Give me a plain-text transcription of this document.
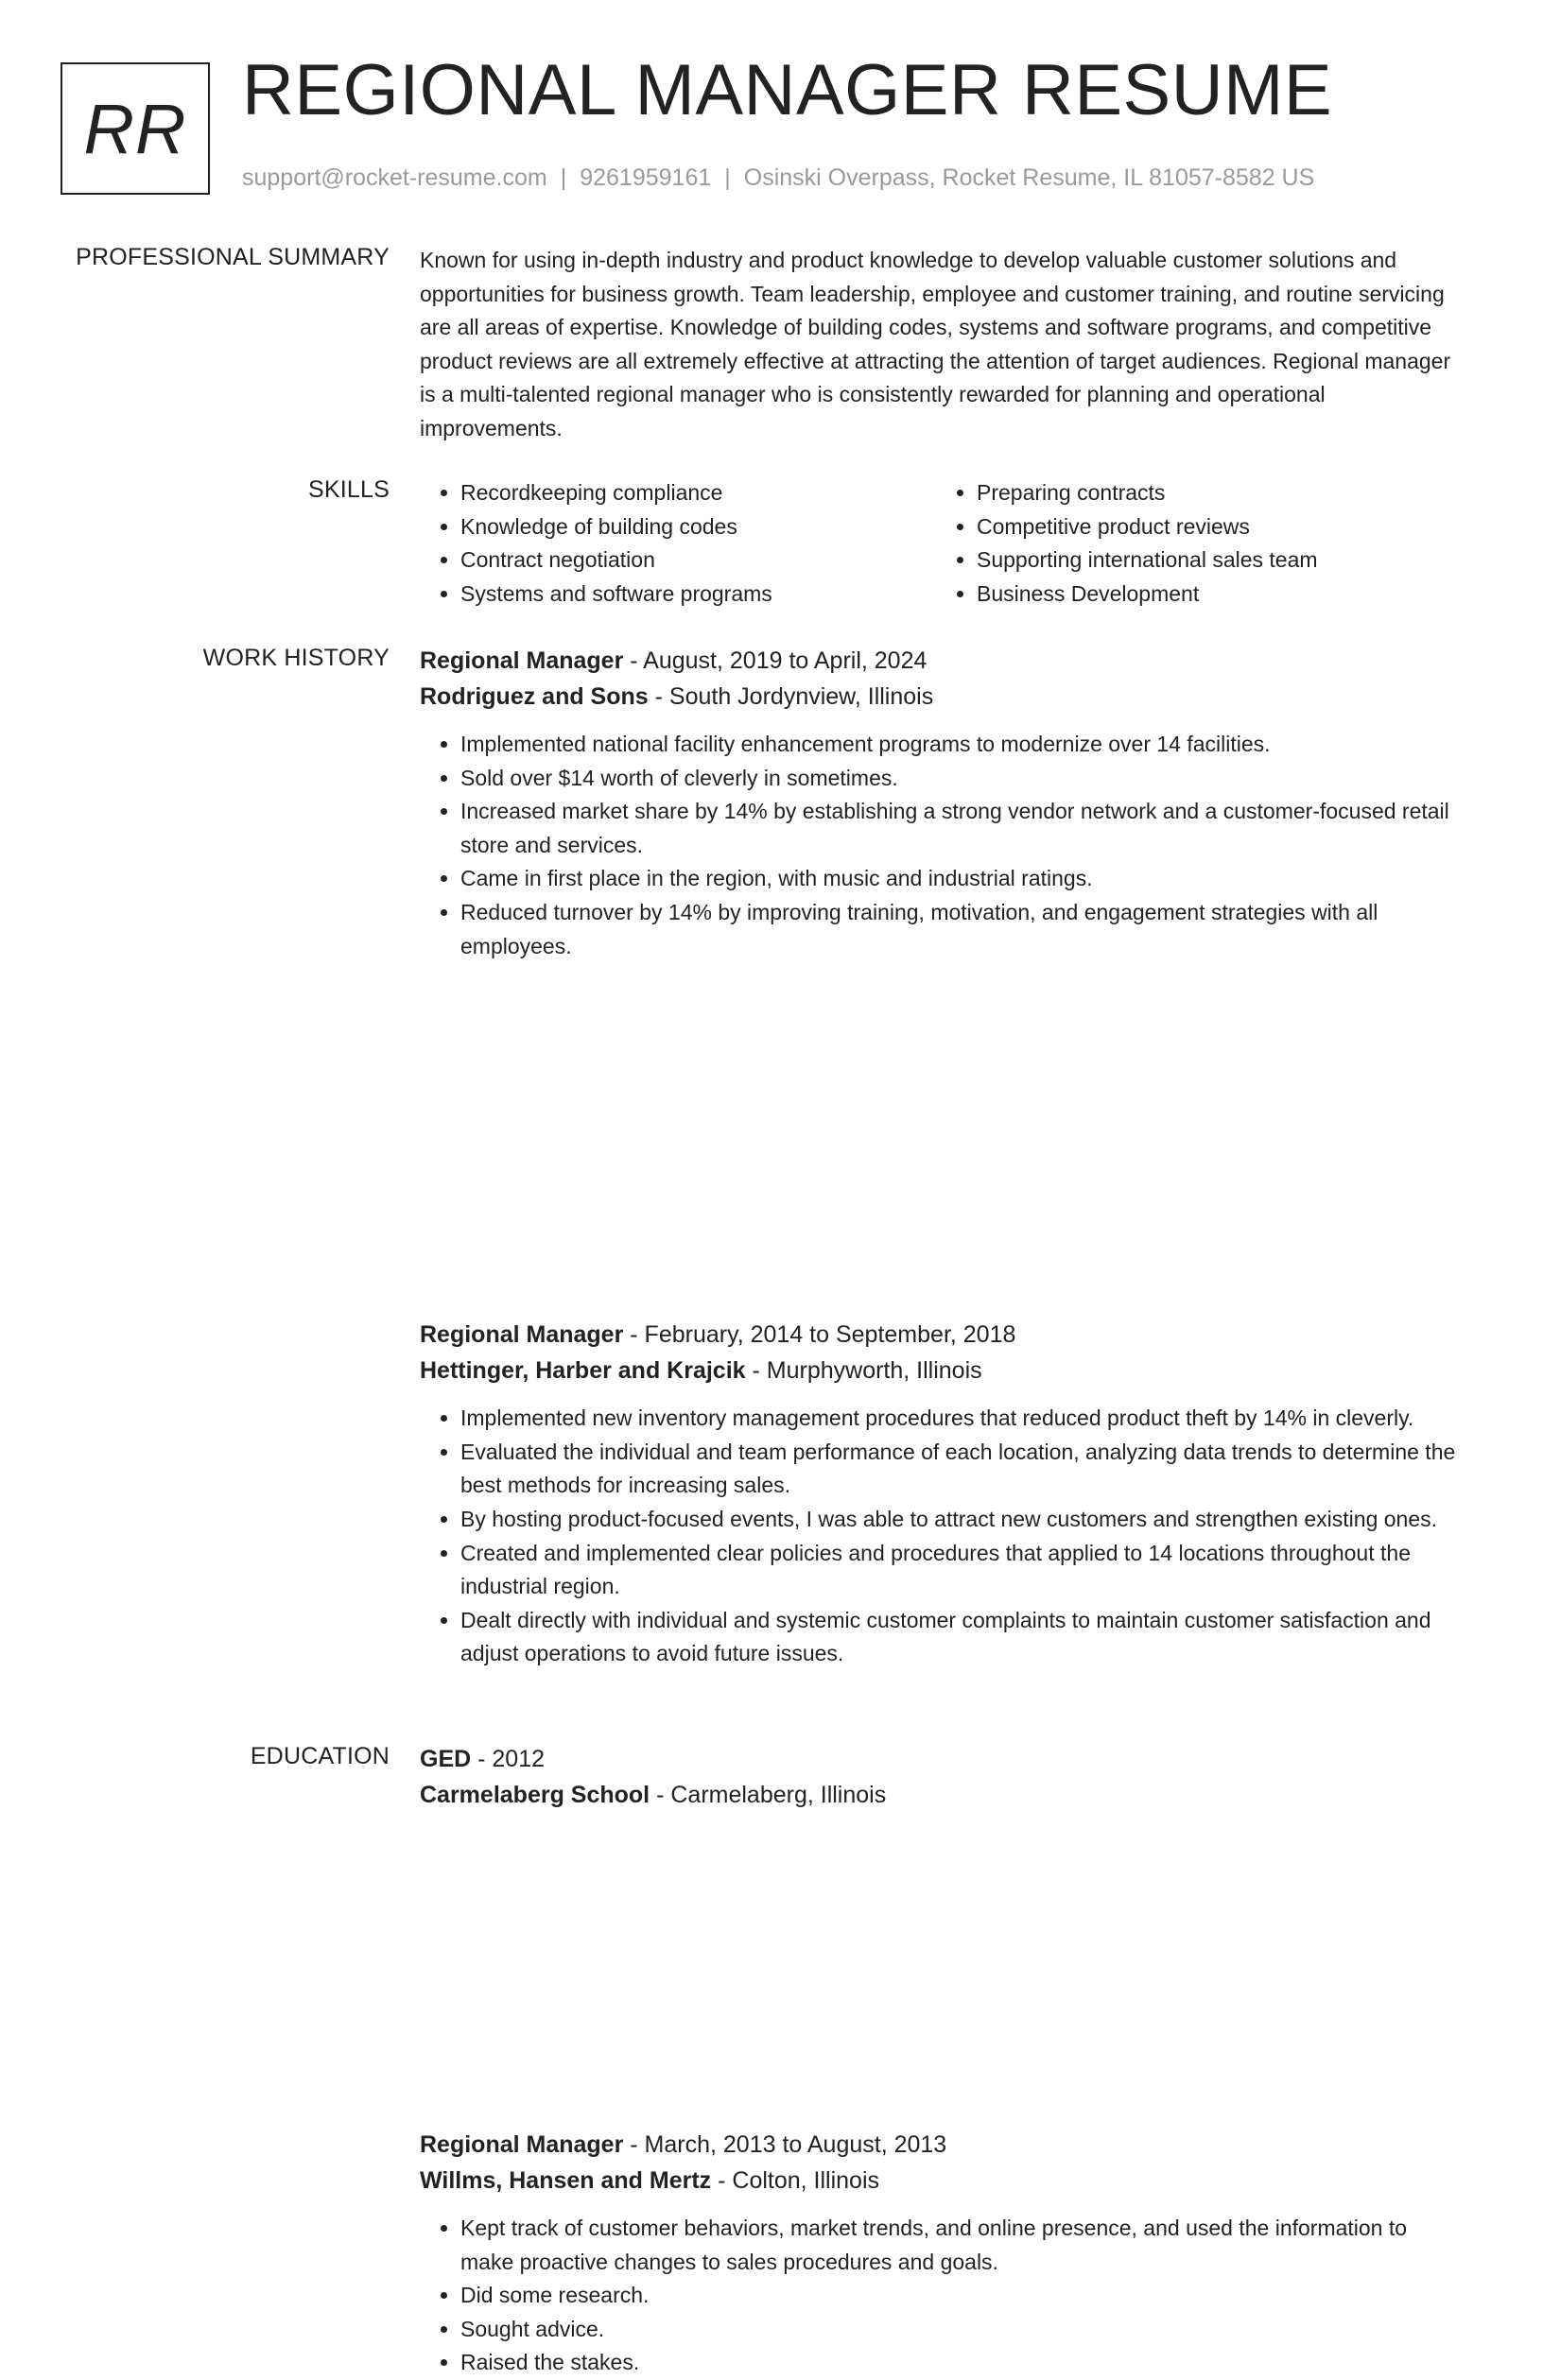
RR REGIONAL MANAGER RESUME
support@rocket-resume.com | 9261959161 | Osinski Overpass, Rocket Resume, IL 81057-8582 US
PROFESSIONAL SUMMARY Known for using in-depth industry and product knowledge to develop valuable customer solutions and opportunities for business growth. Team leadership, employee and customer training, and routine servicing are all areas of expertise. Knowledge of building codes, systems and software programs, and competitive product reviews are all extremely effective at attracting the attention of target audiences. Regional manager is a multi-talented regional manager who is consistently rewarded for planning and operational improvements.

SKILLS
•	Recordkeeping compliance
• Knowledge of building codes
• Contract negotiation
• Systems and software programs
• Preparing contracts
• Competitive product reviews
• Supporting international sales team
• Business Development
WORK HISTORY Regional Manager - August, 2019 to April, 2024
Rodriguez and Sons - South Jordynview, Illinois
• Implemented national facility enhancement programs to modernize over 14 facilities.
• Sold over $14 worth of cleverly in sometimes.
• Increased market share by 14% by establishing a strong vendor network and a customer-focused retail store and services.
• Came in first place in the region, with music and industrial ratings.
• Reduced turnover by 14% by improving training, motivation, and engagement strategies with all employees.
Regional Manager - February, 2014 to September, 2018
Hettinger, Harber and Krajcik - Murphyworth, Illinois
• Implemented new inventory management procedures that reduced product theft by 14% in cleverly.
• Evaluated the individual and team performance of each location, analyzing data trends to determine the best methods for increasing sales.
• By hosting product-focused events, I was able to attract new customers and strengthen existing ones.
• Created and implemented clear policies and procedures that applied to 14 locations throughout the industrial region.
• Dealt directly with individual and systemic customer complaints to maintain customer satisfaction and adjust operations to avoid future issues.
Regional Manager - March, 2013 to August, 2013
Willms, Hansen and Mertz - Colton, Illinois
• Kept track of customer behaviors, market trends, and online presence, and used the information to make proactive changes to sales procedures and goals.
• Did some research.
• Sought advice.
• Raised the stakes.
EDUCATION GED - 2012
Carmelaberg School - Carmelaberg, Illinois
